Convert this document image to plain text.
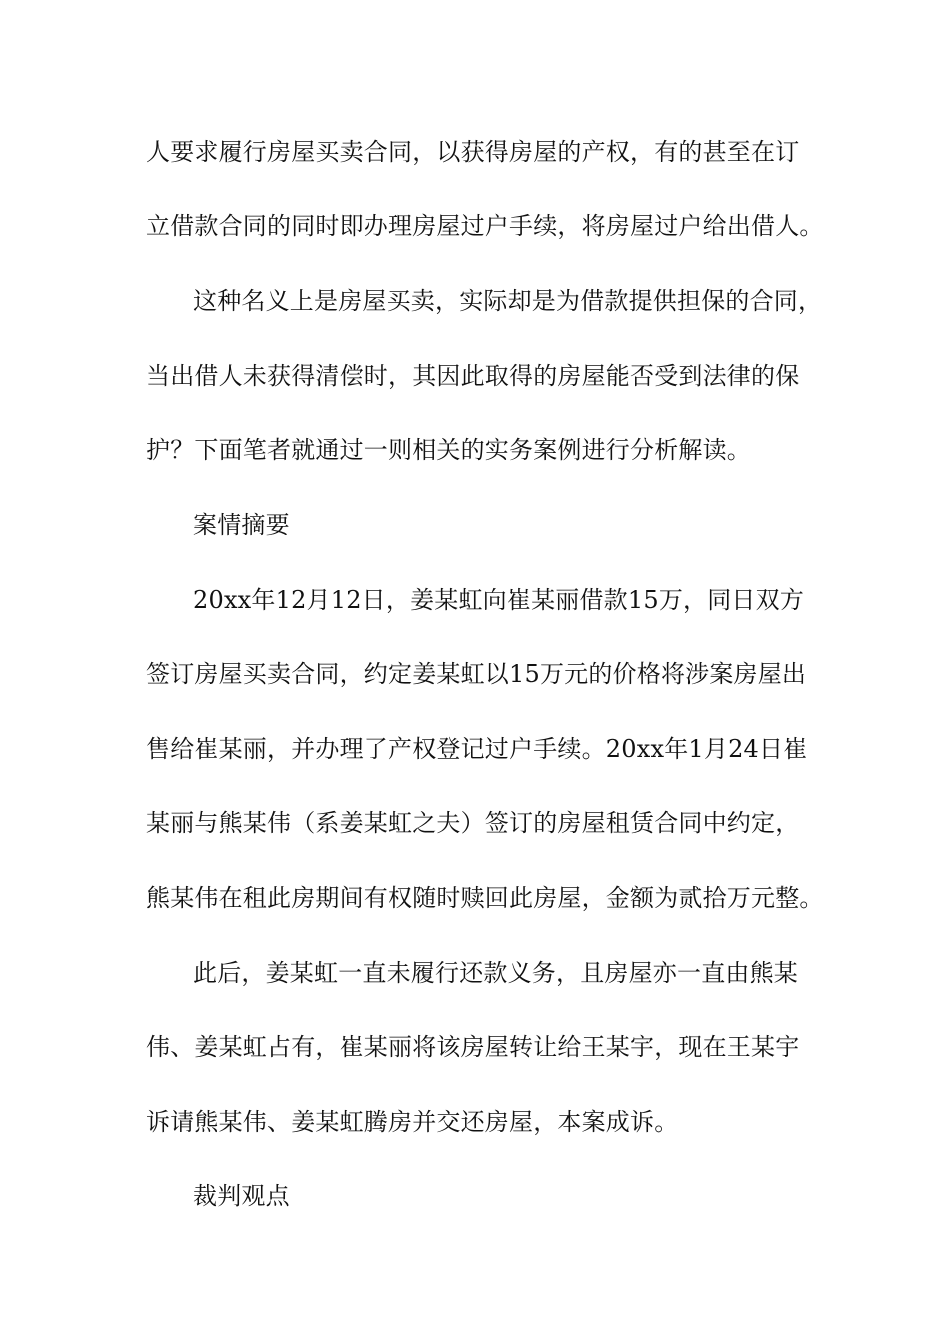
人要求履行房屋买卖合同，以获得房屋的产权，有的甚至在订
立借款合同的同时即办理房屋过户手续，将房屋过户给出借人。
这种名义上是房屋买卖，实际却是为借款提供担保的合同，
当出借人未获得清偿时，其因此取得的房屋能否受到法律的保
护？下面笔者就通过一则相关的实务案例进行分析解读。
案情摘要
20xx年12月12日，姜某虹向崔某丽借款15万，同日双方
签订房屋买卖合同，约定姜某虹以15万元的价格将涉案房屋出
售给崔某丽，并办理了产权登记过户手续。20xx年1月24日崔
某丽与熊某伟（系姜某虹之夫）签订的房屋租赁合同中约定，
熊某伟在租此房期间有权随时赎回此房屋，金额为贰拾万元整。
此后，姜某虹一直未履行还款义务，且房屋亦一直由熊某
伟、姜某虹占有，崔某丽将该房屋转让给王某宇，现在王某宇
诉请熊某伟、姜某虹腾房并交还房屋，本案成诉。
裁判观点
